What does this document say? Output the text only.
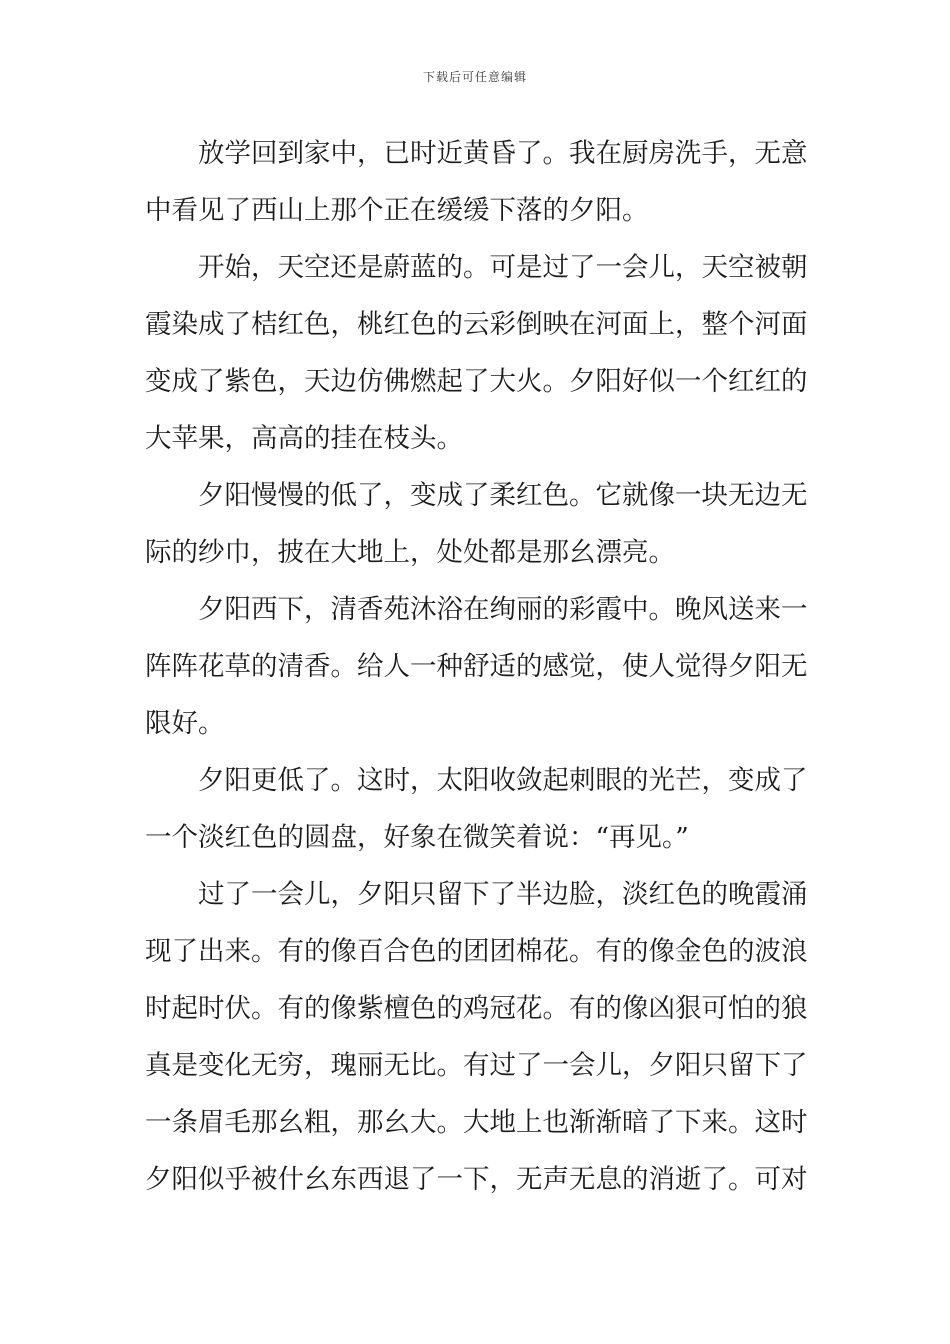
下载后可任意编辑
放学回到家中，已时近黄昏了。我在厨房洗手，无意
中看见了西山上那个正在缓缓下落的夕阳。
开始，天空还是蔚蓝的。可是过了一会儿，天空被朝
霞染成了桔红色，桃红色的云彩倒映在河面上，整个河面
变成了紫色，天边仿佛燃起了大火。夕阳好似一个红红的
大苹果，高高的挂在枝头。
夕阳慢慢的低了，变成了柔红色。它就像一块无边无
际的纱巾，披在大地上，处处都是那幺漂亮。
夕阳西下，清香苑沐浴在绚丽的彩霞中。晚风送来一
阵阵花草的清香。给人一种舒适的感觉，使人觉得夕阳无
限好。
夕阳更低了。这时，太阳收敛起刺眼的光芒，变成了
一个淡红色的圆盘，好象在微笑着说：“再见。”
过了一会儿，夕阳只留下了半边脸，淡红色的晚霞涌
现了出来。有的像百合色的团团棉花。有的像金色的波浪
时起时伏。有的像紫檀色的鸡冠花。有的像凶狠可怕的狼
真是变化无穷，瑰丽无比。有过了一会儿，夕阳只留下了
一条眉毛那幺粗，那幺大。大地上也渐渐暗了下来。这时
夕阳似乎被什幺东西退了一下，无声无息的消逝了。可对
